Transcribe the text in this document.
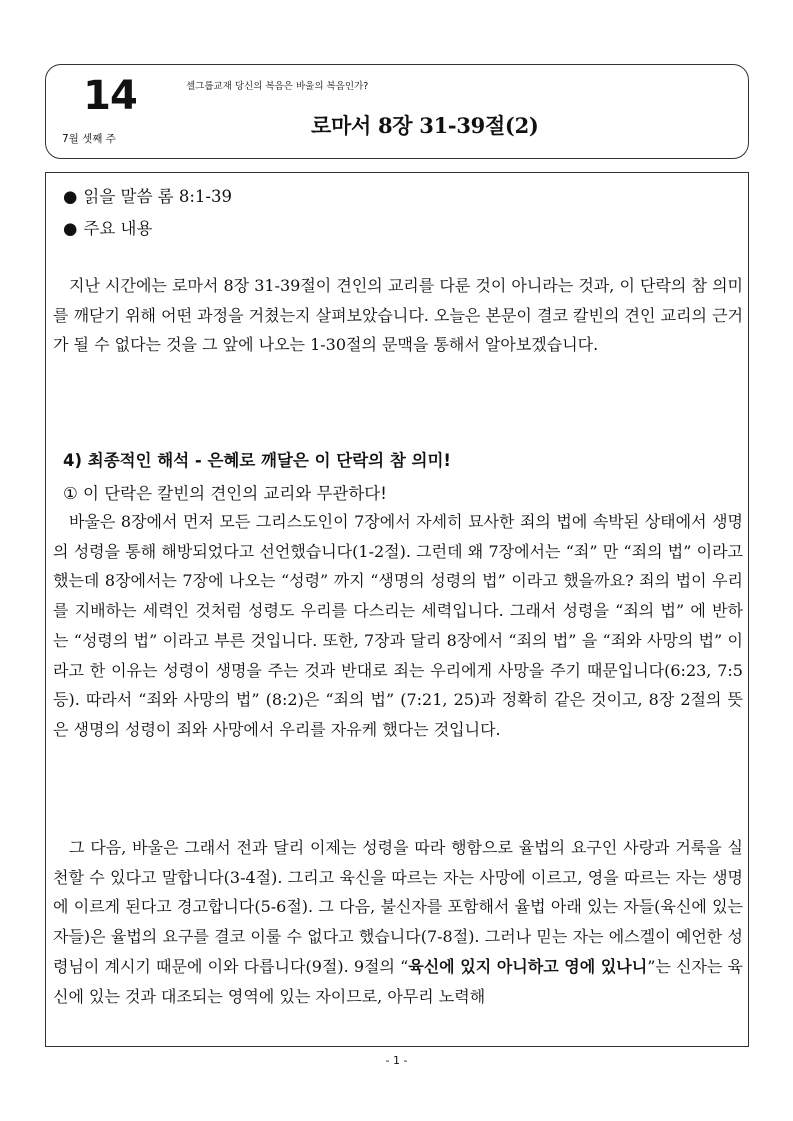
14
7월 셋째 주
셀그룹교재 당신의 복음은 바울의 복음인가?
로마서 8장 31-39절(2)
● 읽을 말씀 롬 8:1-39
● 주요 내용

지난 시간에는 로마서 8장 31-39절이 견인의 교리를 다룬 것이 아니라는 것과, 이 단락의 참 의미를 깨닫기 위해 어떤 과정을 거쳤는지 살펴보았습니다. 오늘은 본문이 결코 칼빈의 견인 교리의 근거가 될 수 없다는 것을 그 앞에 나오는 1-30절의 문맥을 통해서 알아보겠습니다.

4) 최종적인 해석 - 은혜로 깨달은 이 단락의 참 의미!
① 이 단락은 칼빈의 견인의 교리와 무관하다!

바울은 8장에서 먼저 모든 그리스도인이 7장에서 자세히 묘사한 죄의 법에 속박된 상태에서 생명의 성령을 통해 해방되었다고 선언했습니다(1-2절). 그런데 왜 7장에서는 “죄” 만 “죄의 법” 이라고 했는데 8장에서는 7장에 나오는 “성령” 까지 “생명의 성령의 법” 이라고 했을까요? 죄의 법이 우리를 지배하는 세력인 것처럼 성령도 우리를 다스리는 세력입니다. 그래서 성령을 “죄의 법” 에 반하는 “성령의 법” 이라고 부른 것입니다. 또한, 7장과 달리 8장에서 “죄의 법” 을 “죄와 사망의 법” 이라고 한 이유는 성령이 생명을 주는 것과 반대로 죄는 우리에게 사망을 주기 때문입니다(6:23, 7:5 등). 따라서 “죄와 사망의 법” (8:2)은 “죄의 법” (7:21, 25)과 정확히 같은 것이고, 8장 2절의 뜻은 생명의 성령이 죄와 사망에서 우리를 자유케 했다는 것입니다.

그 다음, 바울은 그래서 전과 달리 이제는 성령을 따라 행함으로 율법의 요구인 사랑과 거룩을 실천할 수 있다고 말합니다(3-4절). 그리고 육신을 따르는 자는 사망에 이르고, 영을 따르는 자는 생명에 이르게 된다고 경고합니다(5-6절). 그 다음, 불신자를 포함해서 율법 아래 있는 자들(육신에 있는 자들)은 율법의 요구를 결코 이룰 수 없다고 했습니다(7-8절). 그러나 믿는 자는 에스겔이 예언한 성령님이 계시기 때문에 이와 다릅니다(9절). 9절의 “육신에 있지 아니하고 영에 있나니”는 신자는 육신에 있는 것과 대조되는 영역에 있는 자이므로, 아무리 노력해

- 1 -
